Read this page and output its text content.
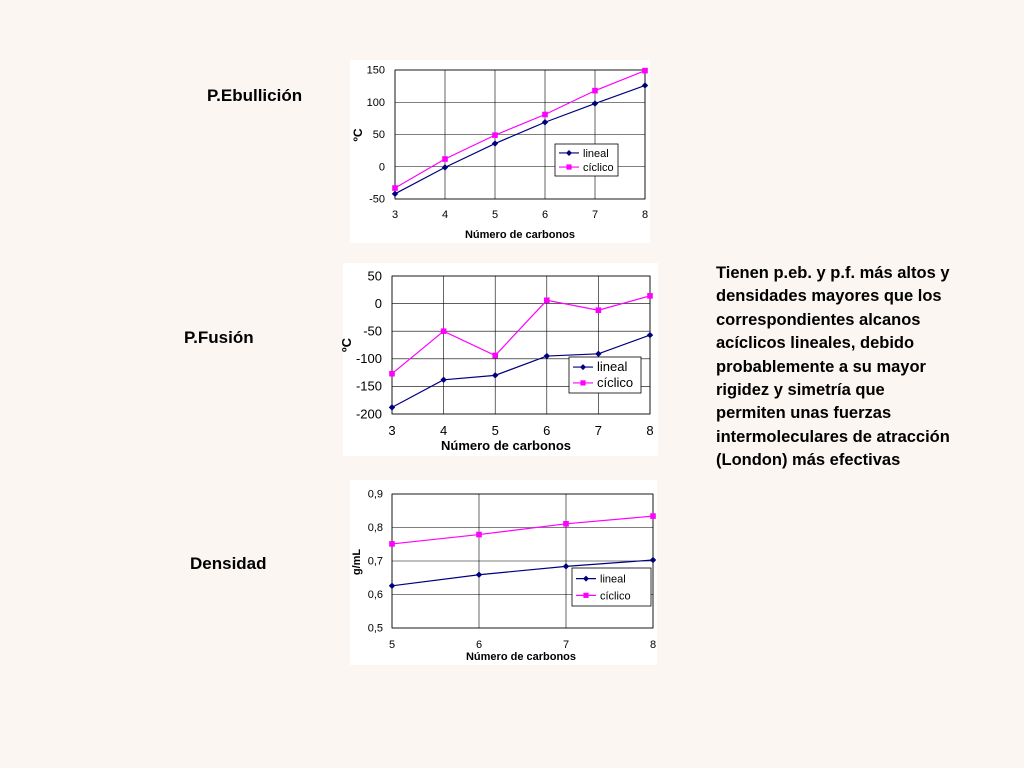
P.Ebullición
P.Fusión
Densidad
150
100
50
0
-50
3	4	5	6	7	8
Número de carbonos
ºC
lineal
cíclico
50
0
-50
-100
-150
-200
3	4	5	6	7	8
Número de carbonos
ºC
lineal
cíclico
0,9
0,8
0,7
0,6
0,5
5	6	7	8
Número de carbonos
g/mL
lineal
cíclico
Tienen p.eb. y p.f. más altos y
densidades mayores que los
correspondientes alcanos
acíclicos lineales, debido
probablemente a su mayor
rigidez y simetría que
permiten unas fuerzas
intermoleculares de atracción
(London) más efectivas
